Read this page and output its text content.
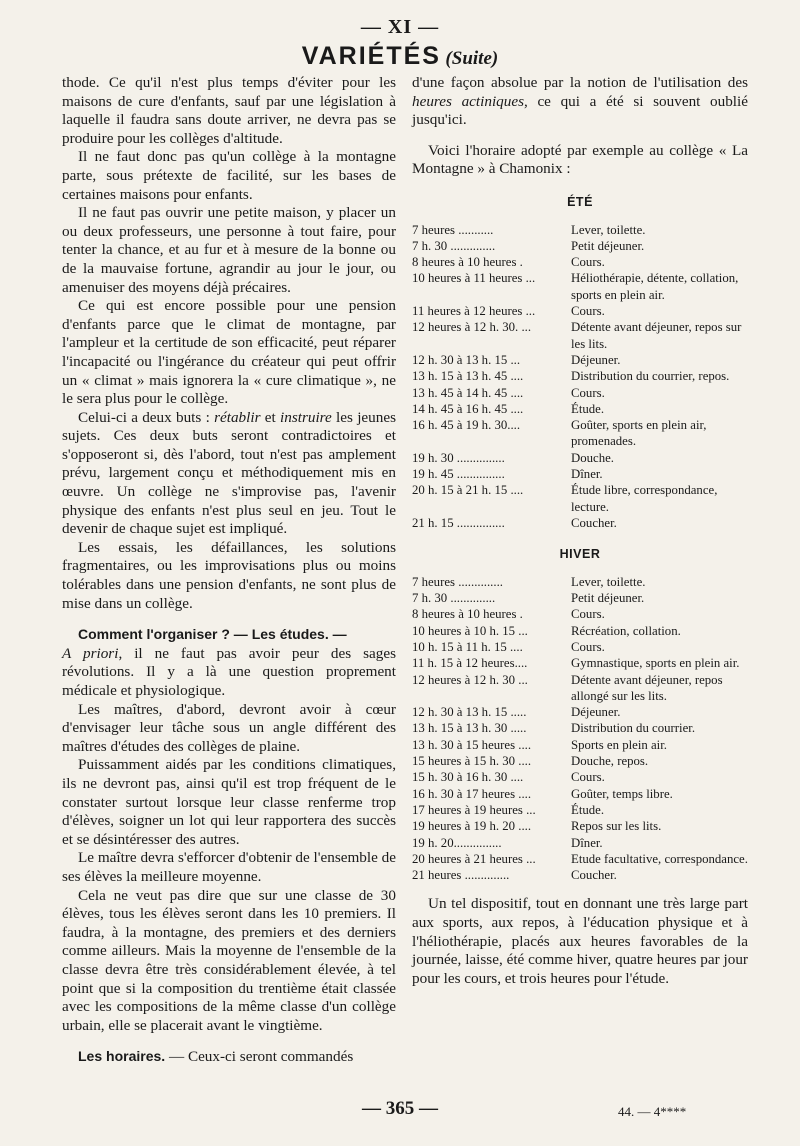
— XI —
VARIÉTÉS (Suite)

thode. Ce qu'il n'est plus temps d'éviter pour les maisons de cure d'enfants, sauf par une législation à laquelle il faudra sans doute arriver, ne devra pas se produire pour les collèges d'altitude.

Il ne faut donc pas qu'un collège à la montagne parte, sous prétexte de facilité, sur les bases de certaines maisons pour enfants.

Il ne faut pas ouvrir une petite maison, y placer un ou deux professeurs, une personne à tout faire, pour tenter la chance, et au fur et à mesure de la bonne ou de la mauvaise fortune, agrandir au jour le jour, ou amenuiser des moyens déjà précaires.

Ce qui est encore possible pour une pension d'enfants parce que le climat de montagne, par l'ampleur et la certitude de son efficacité, peut réparer l'incapacité ou l'ingérance du créateur qui peut offrir un « climat » mais ignorera la « cure climatique », ne le sera plus pour le collège.

Celui-ci a deux buts : rétablir et instruire les jeunes sujets. Ces deux buts seront contradictoires et s'opposeront si, dès l'abord, tout n'est pas amplement prévu, largement conçu et méthodiquement mis en œuvre. Un collège ne s'improvise pas, l'avenir physique des enfants n'est plus seul en jeu. Tout le devenir de chaque sujet est impliqué.

Les essais, les défaillances, les solutions fragmentaires, ou les improvisations plus ou moins tolérables dans une pension d'enfants, ne sont plus de mise dans un collège.

Comment l'organiser ? — Les études. —

A priori, il ne faut pas avoir peur des sages révolutions. Il y a là une question proprement médicale et physiologique.

Les maîtres, d'abord, devront avoir à cœur d'envisager leur tâche sous un angle différent des maîtres d'études des collèges de plaine.

Puissamment aidés par les conditions climatiques, ils ne devront pas, ainsi qu'il est trop fréquent de le constater surtout lorsque leur classe renferme trop d'élèves, soigner un lot qui leur rapportera des succès et se désintéresser des autres.

Le maître devra s'efforcer d'obtenir de l'ensemble de ses élèves la meilleure moyenne.

Cela ne veut pas dire que sur une classe de 30 élèves, tous les élèves seront dans les 10 premiers. Il faudra, à la montagne, des premiers et des derniers comme ailleurs. Mais la moyenne de l'ensemble de la classe devra être très considérablement élevée, à tel point que si la composition du trentième était classée avec les compositions de la même classe d'un collège urbain, elle se placerait avant le vingtième.

Les horaires. — Ceux-ci seront commandés

d'une façon absolue par la notion de l'utilisation des heures actiniques, ce qui a été si souvent oublié jusqu'ici.

Voici l'horaire adopté par exemple au collège « La Montagne » à Chamonix :

ÉTÉ
7 heures ...........	Lever, toilette.
7 h. 30 ..............	Petit déjeuner.
8 heures à 10 heures .	Cours.
10 heures à 11 heures ...	Héliothérapie, détente, collation, sports en plein air.
11 heures à 12 heures ...	Cours.
12 heures à 12 h. 30. ...	Détente avant déjeuner, repos sur les lits.
12 h. 30 à 13 h. 15 ...	Déjeuner.
13 h. 15 à 13 h. 45 ....	Distribution du courrier, repos.
13 h. 45 à 14 h. 45 ....	Cours.
14 h. 45 à 16 h. 45 ....	Étude.
16 h. 45 à 19 h. 30....	Goûter, sports en plein air, promenades.
19 h. 30 ...............	Douche.
19 h. 45 ...............	Dîner.
20 h. 15 à 21 h. 15 ....	Étude libre, correspondance, lecture.
21 h. 15 ...............	Coucher.
HIVER
7 heures ..............	Lever, toilette.
7 h. 30 ..............	Petit déjeuner.
8 heures à 10 heures .	Cours.
10 heures à 10 h. 15 ...	Récréation, collation.
10 h. 15 à 11 h. 15 ....	Cours.
11 h. 15 à 12 heures....	Gymnastique, sports en plein air.
12 heures à 12 h. 30 ...	Détente avant déjeuner, repos allongé sur les lits.
12 h. 30 à 13 h. 15 .....	Déjeuner.
13 h. 15 à 13 h. 30 .....	Distribution du courrier.
13 h. 30 à 15 heures ....	Sports en plein air.
15 heures à 15 h. 30 ....	Douche, repos.
15 h. 30 à 16 h. 30 ....	Cours.
16 h. 30 à 17 heures ....	Goûter, temps libre.
17 heures à 19 heures ...	Étude.
19 heures à 19 h. 20 ....	Repos sur les lits.
19 h. 20...............	Dîner.
20 heures à 21 heures ...	Etude facultative, correspondance.
21 heures ..............	Coucher.

Un tel dispositif, tout en donnant une très large part aux sports, aux repos, à l'éducation physique et à l'héliothérapie, placés aux heures favorables de la journée, laisse, été comme hiver, quatre heures par jour pour les cours, et trois heures pour l'étude.

— 365 —	44. — 4****
